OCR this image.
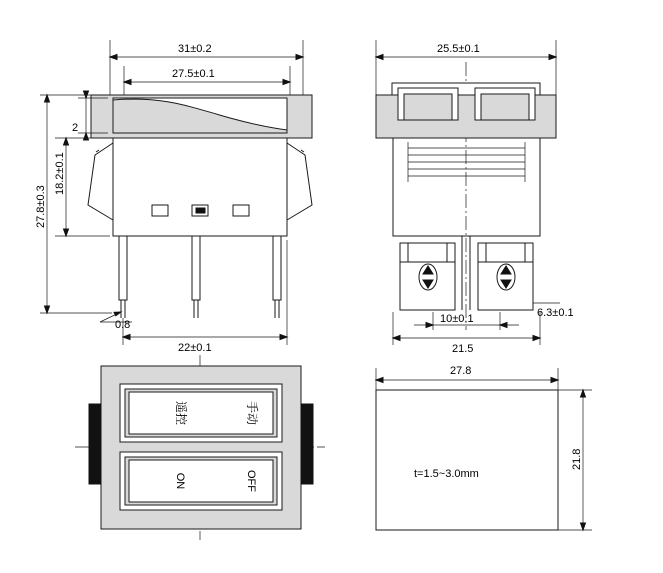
31±0.2
27.5±0.1
2
18.2±0.1
27.8±0.3
0.8
22±0.1
25.5±0.1
6.3±0.1
10±0.1
21.5
遥控	手动
ON	OFF
27.8
21.8
t=1.5~3.0mm
